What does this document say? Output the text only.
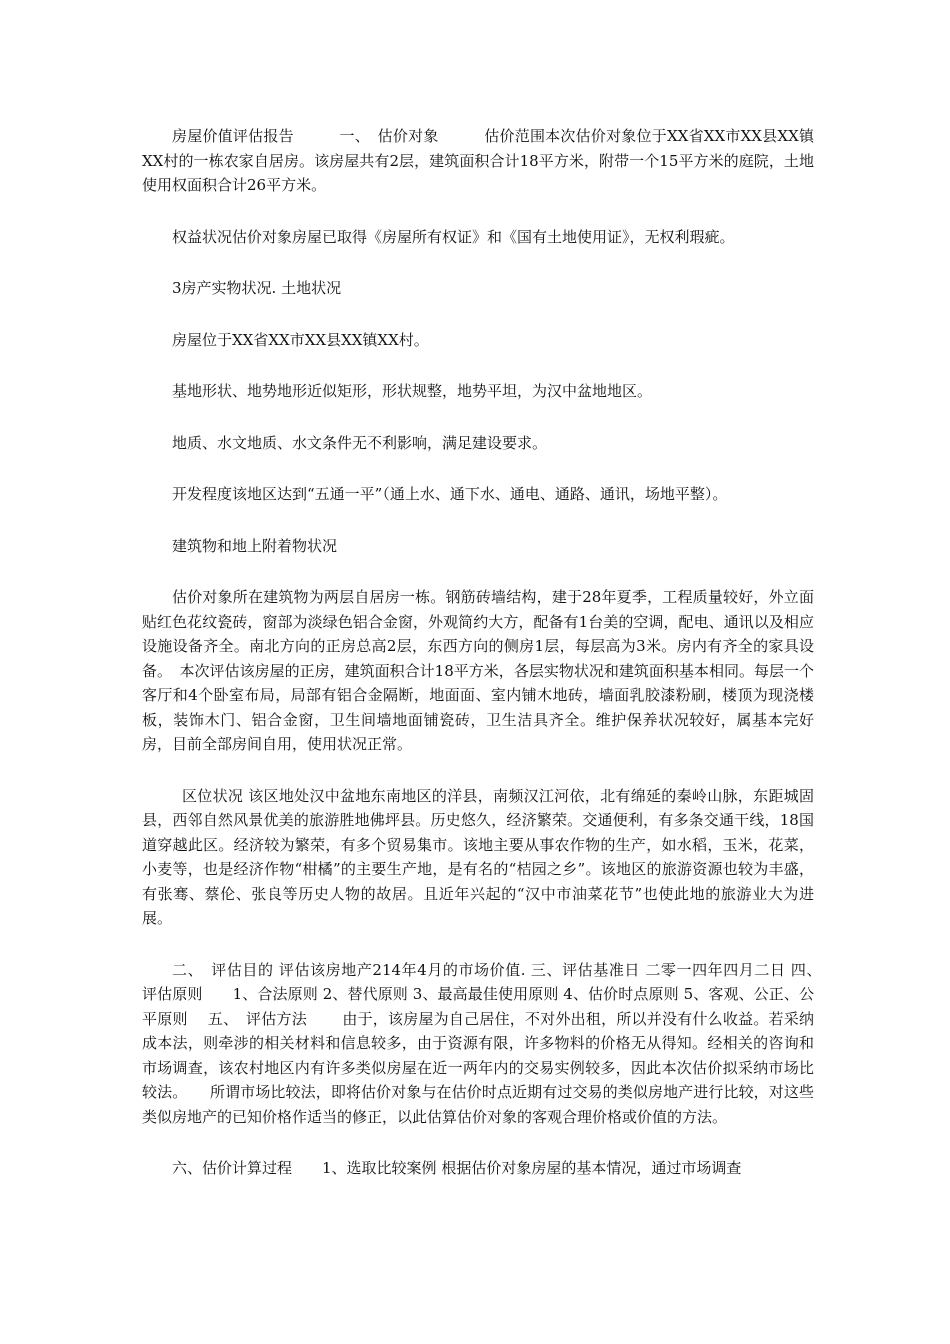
房屋价值评估报告　　　一、　估价对象　　　估价范围本次估价对象位于XX省XX市XX县XX镇XX村的一栋农家自居房。该房屋共有2层，建筑面积合计18平方米，附带一个15平方米的庭院，土地使用权面积合计26平方米。

权益状况估价对象房屋已取得《房屋所有权证》和《国有土地使用证》，无权利瑕疵。

3房产实物状况. 土地状况

房屋位于XX省XX市XX县XX镇XX村。

基地形状、地势地形近似矩形，形状规整，地势平坦，为汉中盆地地区。

地质、水文地质、水文条件无不利影响，满足建设要求。

开发程度该地区达到“五通一平”（通上水、通下水、通电、通路、通讯，场地平整）。

建筑物和地上附着物状况

估价对象所在建筑物为两层自居房一栋。钢筋砖墙结构，建于28年夏季，工程质量较好，外立面贴红色花纹瓷砖，窗部为淡绿色铝合金窗，外观简约大方，配备有1台美的空调，配电、通讯以及相应设施设备齐全。南北方向的正房总高2层，东西方向的侧房1层，每层高为3米。房内有齐全的家具设备。　本次评估该房屋的正房，建筑面积合计18平方米，各层实物状况和建筑面积基本相同。每层一个客厅和4个卧室布局，局部有铝合金隔断，地面面、室内铺木地砖，墙面乳胶漆粉刷，楼顶为现浇楼板，装饰木门、铝合金窗，卫生间墙地面铺瓷砖，卫生洁具齐全。维护保养状况较好，属基本完好房，目前全部房间自用，使用状况正常。

区位状况 该区地处汉中盆地东南地区的洋县，南频汉江河依，北有绵延的秦岭山脉，东距城固县，西邻自然风景优美的旅游胜地佛坪县。历史悠久，经济繁荣。交通便利，有多条交通干线，18国道穿越此区。经济较为繁荣，有多个贸易集市。该地主要从事农作物的生产，如水稻，玉米，花菜，小麦等，也是经济作物“柑橘”的主要生产地，是有名的“桔园之乡”。该地区的旅游资源也较为丰盛，有张骞、蔡伦、张良等历史人物的故居。且近年兴起的“汉中市油菜花节”也使此地的旅游业大为进展。

二、　评估目的 评估该房地产214年4月的市场价值. 三、评估基准日 二零一四年四月二日 四、　评估原则　　1、合法原则 2、替代原则 3、最高最佳使用原则 4、估价时点原则 5、客观、公正、公平原则　 五、　评估方法　　 由于，该房屋为自己居住，不对外出租，所以并没有什么收益。若采纳成本法，则牵涉的相关材料和信息较多，由于资源有限，许多物料的价格无从得知。经相关的咨询和市场调查，该农村地区内有许多类似房屋在近一两年内的交易实例较多，因此本次估价拟采纳市场比较法。　　所谓市场比较法，即将估价对象与在估价时点近期有过交易的类似房地产进行比较，对这些类似房地产的已知价格作适当的修正，以此估算估价对象的客观合理价格或价值的方法。

六、估价计算过程　　1、选取比较案例 根据估价对象房屋的基本情况，通过市场调查
